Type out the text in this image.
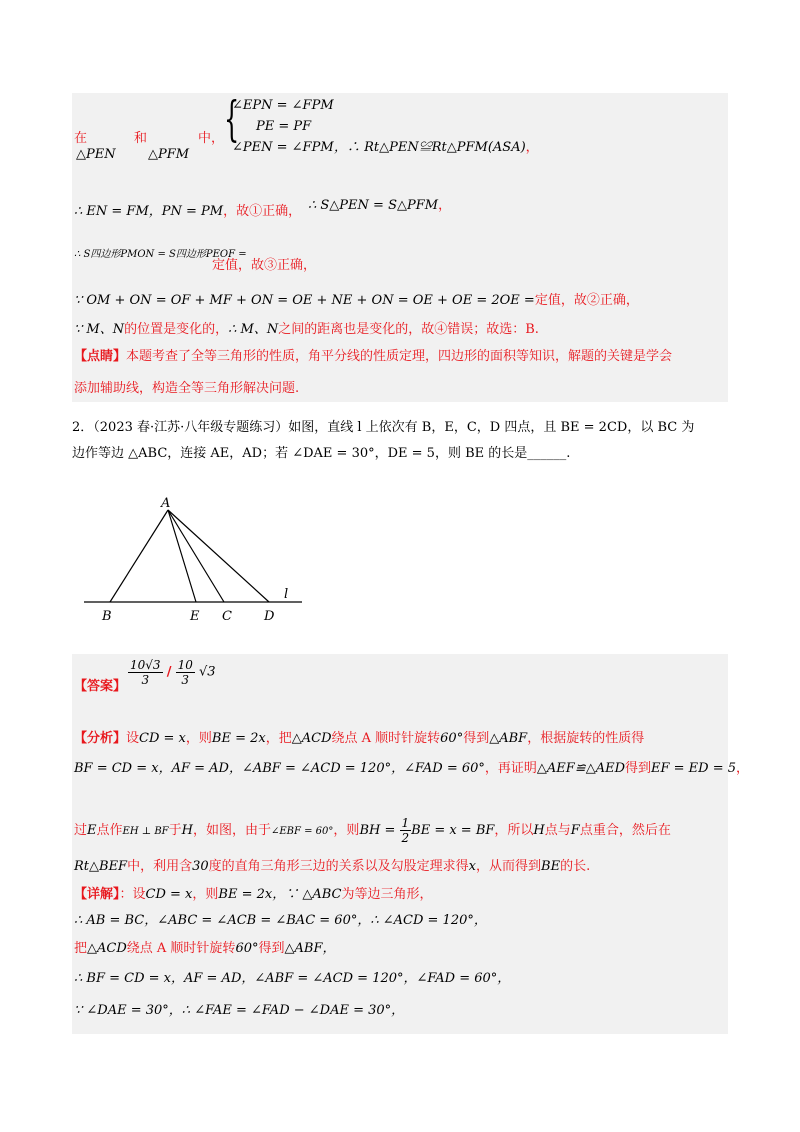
在
△PEN
和
△PFM
中， {
∠EPN = ∠FPM
PE = PF
∠PEN = ∠FPM ，∴ Rt△PEN≌Rt△PFM(ASA)，
∴ EN = FM，PN = PM，故①正确， ∴ S△PEN = S△PFM，
∴ S四边形PMON = S四边形PEOF =
定值，故③正确，
∵ OM + ON = OF + MF + ON = OE + NE + ON = OE + OE = 2OE =定值，故②正确，
∵ M、N的位置是变化的，∴ M、N之间的距离也是变化的，故④错误；故选：B.
【点睛】本题考查了全等三角形的性质，角平分线的性质定理，四边形的面积等知识，解题的关键是学会
添加辅助线，构造全等三角形解决问题.
2．（2023 春·江苏·八年级专题练习）如图，直线 l 上依次有 B，E，C，D 四点，且 BE = 2CD，以 BC 为
边作等边 △ABC，连接 AE，AD；若 ∠DAE = 30°，DE = 5，则 BE 的长是______.
A
B	E C D
l
【答案】 $\frac{10√3}{3} / \frac{10}{3} √3$
【分析】设CD = x，则BE = 2x，把△ACD绕点 A 顺时针旋转60°得到△ABF，根据旋转的性质得
BF = CD = x，AF = AD，∠ABF = ∠ACD = 120°，∠FAD = 60°，再证明△AEF≌△AED得到EF = ED = 5，
过E点作EH ⊥ BF于H，如图，由于∠EBF = 60°，则BH = $\frac{1}{2}$ BE = x = BF，所以H点与F点重合，然后在
Rt△BEF中，利用含30度的直角三角形三边的关系以及勾股定理求得x，从而得到BE的长.
【详解】：设CD = x，则BE = 2x，∵ △ABC为等边三角形，
∴ AB = BC，∠ABC = ∠ACB = ∠BAC = 60°，∴ ∠ACD = 120°，
把△ACD绕点 A 顺时针旋转60°得到△ABF，
∴ BF = CD = x，AF = AD，∠ABF = ∠ACD = 120°，∠FAD = 60°，
∵ ∠DAE = 30°，∴ ∠FAE = ∠FAD − ∠DAE = 30°，
